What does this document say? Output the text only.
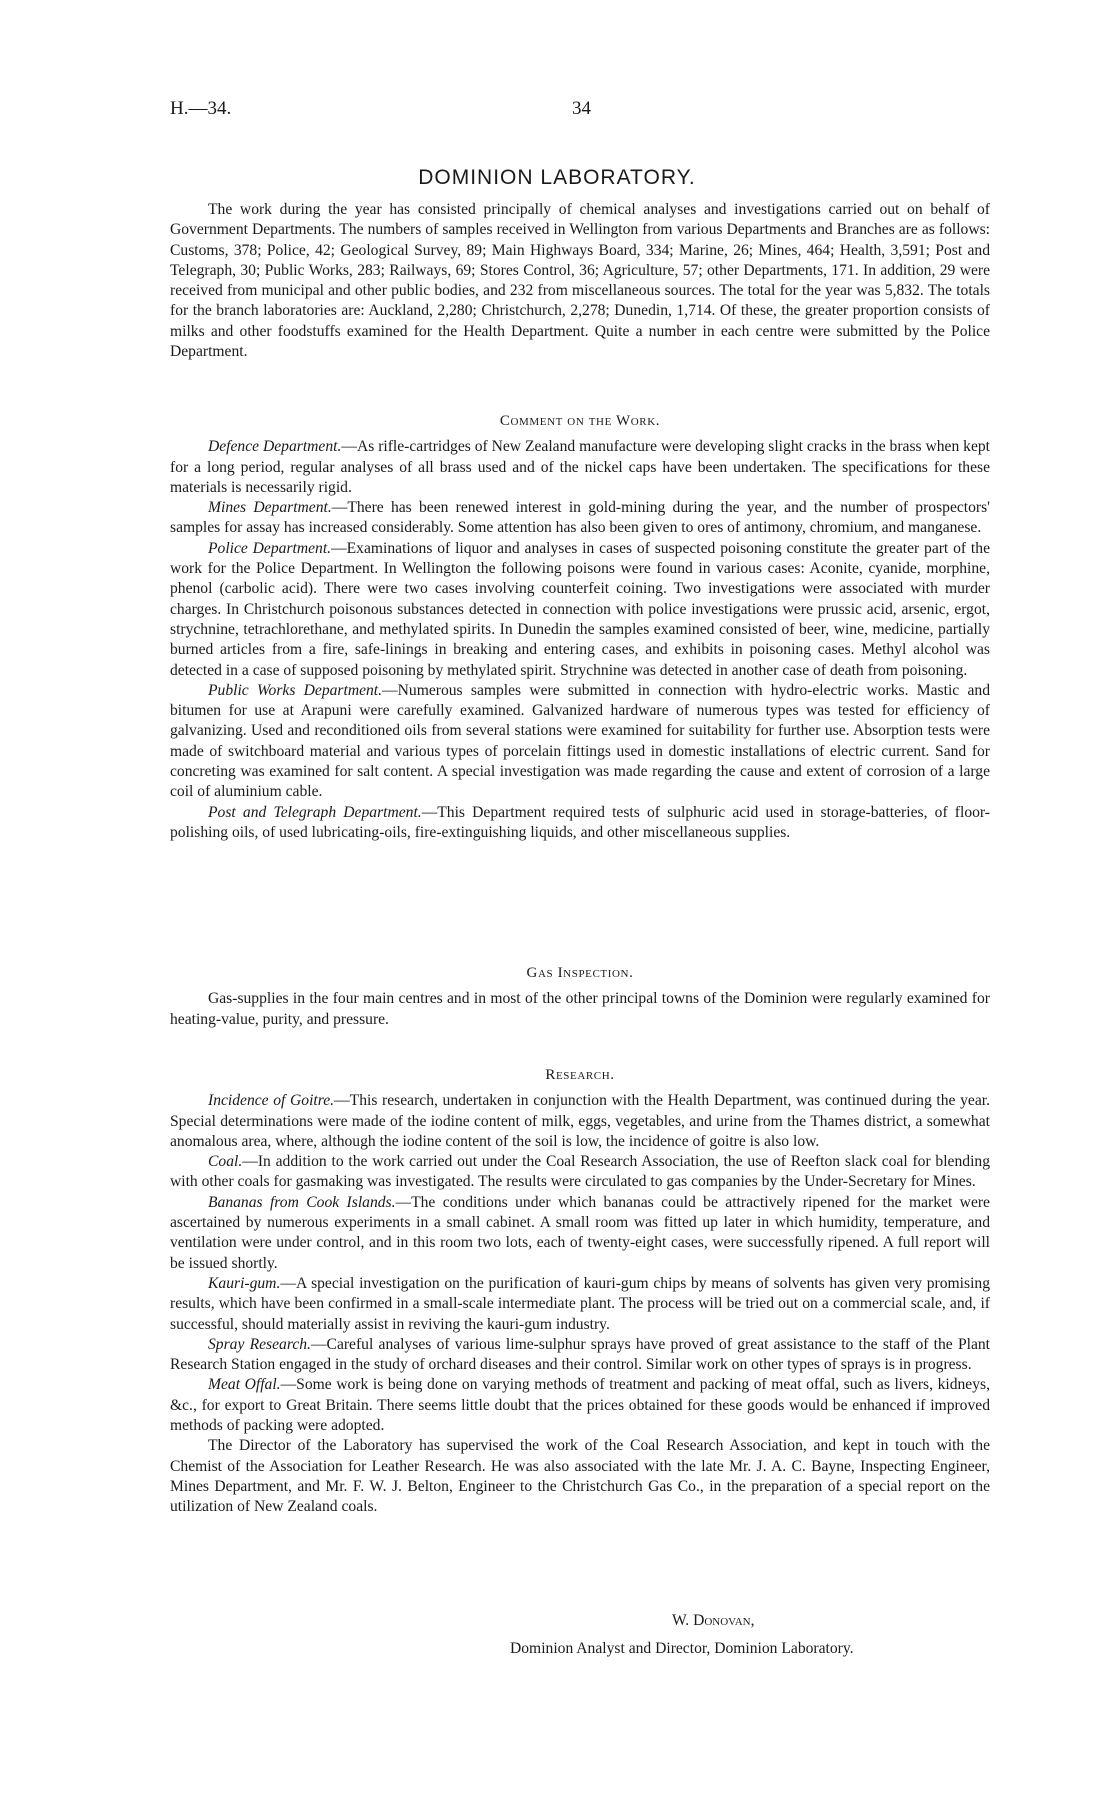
H.—34.	34
DOMINION LABORATORY.

The work during the year has consisted principally of chemical analyses and investigations carried out on behalf of Government Departments. The numbers of samples received in Wellington from various Departments and Branches are as follows: Customs, 378; Police, 42; Geological Survey, 89; Main Highways Board, 334; Marine, 26; Mines, 464; Health, 3,591; Post and Telegraph, 30; Public Works, 283; Railways, 69; Stores Control, 36; Agriculture, 57; other Departments, 171. In addition, 29 were received from municipal and other public bodies, and 232 from miscellaneous sources. The total for the year was 5,832. The totals for the branch laboratories are: Auckland, 2,280; Christchurch, 2,278; Dunedin, 1,714. Of these, the greater proportion consists of milks and other foodstuffs examined for the Health Department. Quite a number in each centre were submitted by the Police Department.

Comment on the Work.

Defence Department.—As rifle-cartridges of New Zealand manufacture were developing slight cracks in the brass when kept for a long period, regular analyses of all brass used and of the nickel caps have been undertaken. The specifications for these materials is necessarily rigid.

Mines Department.—There has been renewed interest in gold-mining during the year, and the number of prospectors' samples for assay has increased considerably. Some attention has also been given to ores of antimony, chromium, and manganese.

Police Department.—Examinations of liquor and analyses in cases of suspected poisoning constitute the greater part of the work for the Police Department. In Wellington the following poisons were found in various cases: Aconite, cyanide, morphine, phenol (carbolic acid). There were two cases involving counterfeit coining. Two investigations were associated with murder charges. In Christchurch poisonous substances detected in connection with police investigations were prussic acid, arsenic, ergot, strychnine, tetrachlorethane, and methylated spirits. In Dunedin the samples examined consisted of beer, wine, medicine, partially burned articles from a fire, safe-linings in breaking and entering cases, and exhibits in poisoning cases. Methyl alcohol was detected in a case of supposed poisoning by methylated spirit. Strychnine was detected in another case of death from poisoning.

Public Works Department.—Numerous samples were submitted in connection with hydro-electric works. Mastic and bitumen for use at Arapuni were carefully examined. Galvanized hardware of numerous types was tested for efficiency of galvanizing. Used and reconditioned oils from several stations were examined for suitability for further use. Absorption tests were made of switchboard material and various types of porcelain fittings used in domestic installations of electric current. Sand for concreting was examined for salt content. A special investigation was made regarding the cause and extent of corrosion of a large coil of aluminium cable.

Post and Telegraph Department.—This Department required tests of sulphuric acid used in storage-batteries, of floor-polishing oils, of used lubricating-oils, fire-extinguishing liquids, and other miscellaneous supplies.

Gas Inspection.

Gas-supplies in the four main centres and in most of the other principal towns of the Dominion were regularly examined for heating-value, purity, and pressure.

Research.

Incidence of Goitre.—This research, undertaken in conjunction with the Health Department, was continued during the year. Special determinations were made of the iodine content of milk, eggs, vegetables, and urine from the Thames district, a somewhat anomalous area, where, although the iodine content of the soil is low, the incidence of goitre is also low.

Coal.—In addition to the work carried out under the Coal Research Association, the use of Reefton slack coal for blending with other coals for gasmaking was investigated. The results were circulated to gas companies by the Under-Secretary for Mines.

Bananas from Cook Islands.—The conditions under which bananas could be attractively ripened for the market were ascertained by numerous experiments in a small cabinet. A small room was fitted up later in which humidity, temperature, and ventilation were under control, and in this room two lots, each of twenty-eight cases, were successfully ripened. A full report will be issued shortly.

Kauri-gum.—A special investigation on the purification of kauri-gum chips by means of solvents has given very promising results, which have been confirmed in a small-scale intermediate plant. The process will be tried out on a commercial scale, and, if successful, should materially assist in reviving the kauri-gum industry.

Spray Research.—Careful analyses of various lime-sulphur sprays have proved of great assistance to the staff of the Plant Research Station engaged in the study of orchard diseases and their control. Similar work on other types of sprays is in progress.

Meat Offal.—Some work is being done on varying methods of treatment and packing of meat offal, such as livers, kidneys, &c., for export to Great Britain. There seems little doubt that the prices obtained for these goods would be enhanced if improved methods of packing were adopted.

The Director of the Laboratory has supervised the work of the Coal Research Association, and kept in touch with the Chemist of the Association for Leather Research. He was also associated with the late Mr. J. A. C. Bayne, Inspecting Engineer, Mines Department, and Mr. F. W. J. Belton, Engineer to the Christchurch Gas Co., in the preparation of a special report on the utilization of New Zealand coals.

W. Donovan,
Dominion Analyst and Director, Dominion Laboratory.
